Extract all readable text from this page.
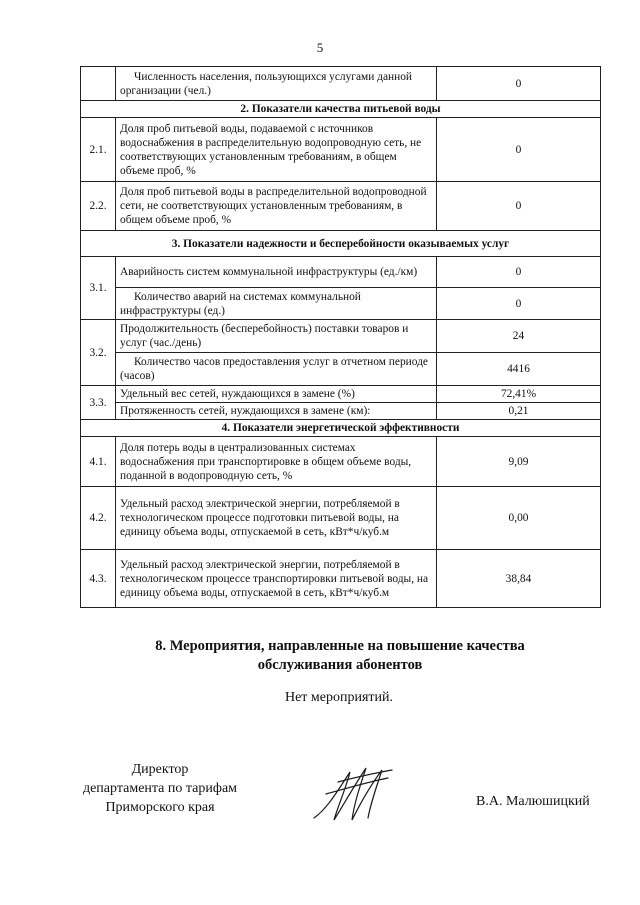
5
	Численность населения, пользующихся услугами данной организации (чел.)	0
2. Показатели качества питьевой воды		
2.1.	Доля проб питьевой воды, подаваемой с источников водоснабжения в распределительную водопроводную сеть, не соответствующих установленным требованиям, в общем объеме проб, %	0
2.2.	Доля проб питьевой воды в распределительной водопроводной сети, не соответствующих установленным требованиям, в общем объеме проб, %	0
3. Показатели надежности и бесперебойности оказываемых услуг		
3.1.	Аварийность систем коммунальной инфраструктуры (ед./км)	0
	Количество аварий на системах коммунальной инфраструктуры (ед.)	0
3.2.	Продолжительность (бесперебойность) поставки товаров и услуг (час./день)	24
	Количество часов предоставления услуг в отчетном периоде (часов)	4416
3.3.	Удельный вес сетей, нуждающихся в замене (%)	72,41%
	Протяженность сетей, нуждающихся в замене (км):	0,21
4. Показатели энергетической эффективности		
4.1.	Доля потерь воды в централизованных системах водоснабжения при транспортировке в общем объеме воды, поданной в водопроводную сеть, %	9,09
4.2.	Удельный расход электрической энергии, потребляемой в технологическом процессе подготовки питьевой воды, на единицу объема воды, отпускаемой в сеть, кВт*ч/куб.м	0,00
4.3.	Удельный расход электрической энергии, потребляемой в технологическом процессе транспортировки питьевой воды, на единицу объема воды, отпускаемой в сеть, кВт*ч/куб.м	38,84
8. Мероприятия, направленные на повышение качества
обслуживания абонентов
Нет мероприятий.
Директор
департамента по тарифам
Приморского края	В.А. Малюшицкий
